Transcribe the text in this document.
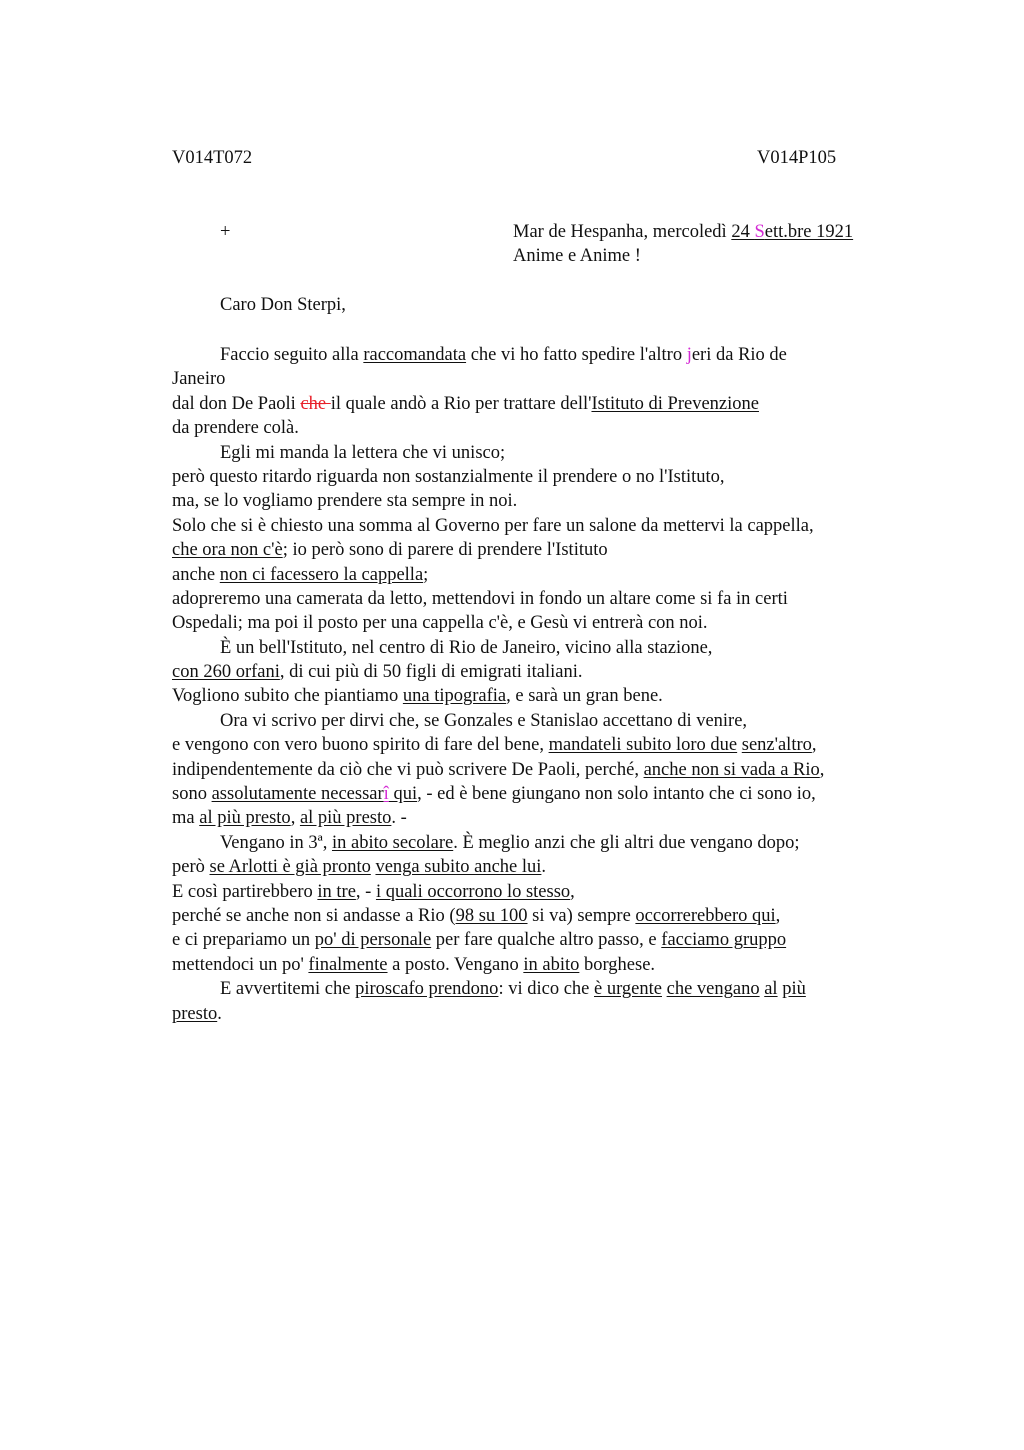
V014T072	V014P105
+	Mar de Hespanha, mercoledì 24 Sett.bre 1921
Anime e Anime !
Caro Don Sterpi,
Faccio seguito alla raccomandata che vi ho fatto spedire l'altro jeri da Rio de
Janeiro
dal don De Paoli che il quale andò a Rio per trattare dell'Istituto di Prevenzione
da prendere colà.
Egli mi manda la lettera che vi unisco;
però questo ritardo riguarda non sostanzialmente il prendere o no l'Istituto,
ma, se lo vogliamo prendere sta sempre in noi.
Solo che si è chiesto una somma al Governo per fare un salone da mettervi la cappella,
che ora non c'è; io però sono di parere di prendere l'Istituto
anche non ci facessero la cappella;
adopreremo una camerata da letto, mettendovi in fondo un altare come si fa in certi
Ospedali; ma poi il posto per una cappella c'è, e Gesù vi entrerà con noi.
È un bell'Istituto, nel centro di Rio de Janeiro, vicino alla stazione,
con 260 orfani, di cui più di 50 figli di emigrati italiani.
Vogliono subito che piantiamo una tipografia, e sarà un gran bene.
Ora vi scrivo per dirvi che, se Gonzales e Stanislao accettano di venire,
e vengono con vero buono spirito di fare del bene, mandateli subito loro due senz'altro,
indipendentemente da ciò che vi può scrivere De Paoli, perché, anche non si vada a Rio,
sono assolutamente necessarî qui, - ed è bene giungano non solo intanto che ci sono io,
ma al più presto, al più presto. -
Vengano in 3ª, in abito secolare. È meglio anzi che gli altri due vengano dopo;
però se Arlotti è già pronto venga subito anche lui.
E così partirebbero in tre, - i quali occorrono lo stesso,
perché se anche non si andasse a Rio (98 su 100 si va) sempre occorrerebbero qui,
e ci prepariamo un po' di personale per fare qualche altro passo, e facciamo gruppo
mettendoci un po' finalmente a posto. Vengano in abito borghese.
E avvertitemi che piroscafo prendono: vi dico che è urgente che vengano al più
presto.
